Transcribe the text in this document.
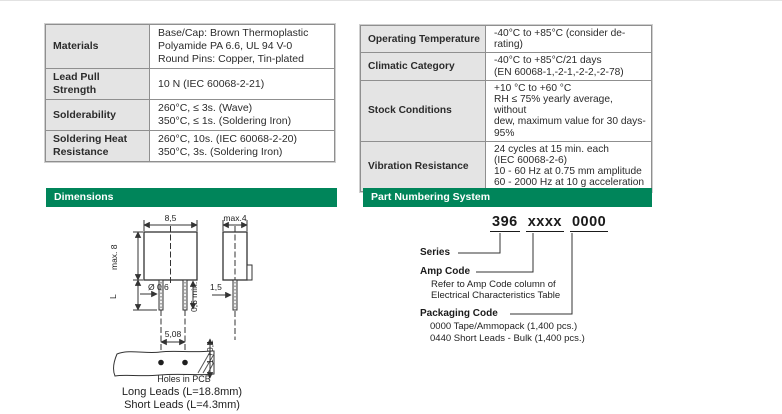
Materials	Base/Cap: Brown Thermoplastic
Polyamide PA 6.6, UL 94 V-0
Round Pins: Copper, Tin-plated

Lead Pull Strength	10 N (IEC 60068-2-21)

Solderability	260°C, ≤ 3s. (Wave)
350°C, ≤ 1s. (Soldering Iron)

Soldering Heat Resistance	260°C, 10s. (IEC 60068-2-20)
350°C, 3s. (Soldering Iron)
Operating Temperature	-40°C to +85°C (consider de-rating)

Climatic Category	-40°C to +85°C/21 days
(EN 60068-1,-2-1,-2-2,-2-78)

Stock Conditions	+10 °C to +60 °C
RH ≤ 75% yearly average, without
dew, maximum value for 30 days-
95%

Vibration Resistance	24 cycles at 15 min. each
(IEC 60068-2-6)
10 - 60 Hz at 0.75 mm amplitude
60 - 2000 Hz at 10 g acceleration
Dimensions	Part Numbering System
8,5	max.4
max. 8
L
Ø 0,6 0,5 min. 1,5
5,08
1 +0,1
Holes in PCB
Long Leads (L=18.8mm)
Short Leads (L=4.3mm)
396 xxxx 0000
Series
Amp Code
Refer to Amp Code column of
Electrical Characteristics Table
Packaging Code
0000 Tape/Ammopack (1,400 pcs.)
0440 Short Leads - Bulk (1,400 pcs.)
